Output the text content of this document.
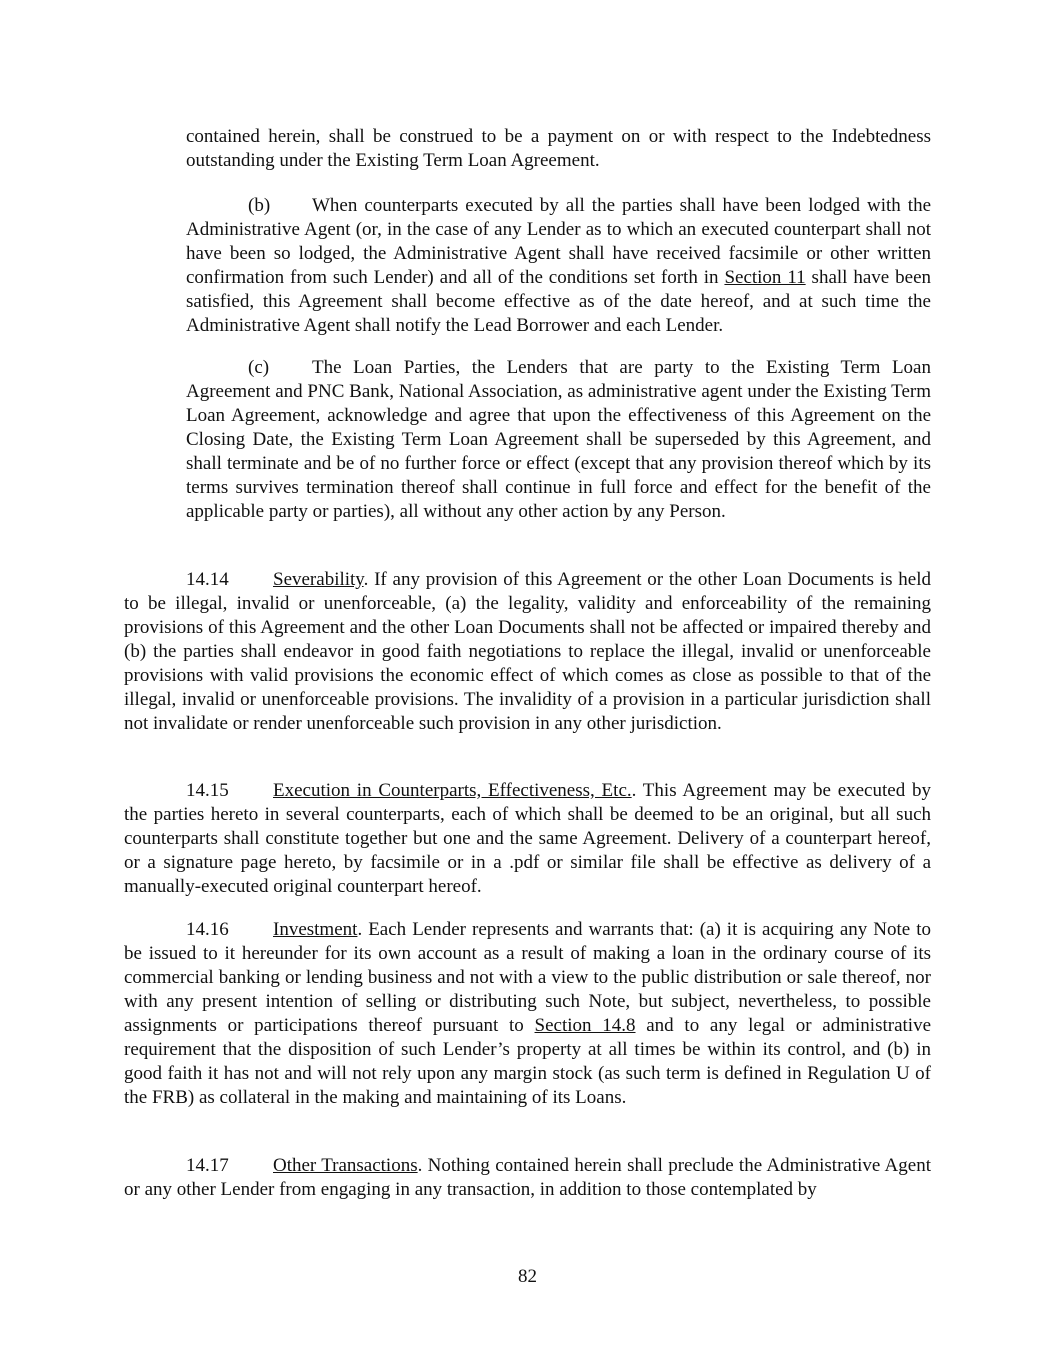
contained herein, shall be construed to be a payment on or with respect to the Indebtedness outstanding under the Existing Term Loan Agreement.

(b) When counterparts executed by all the parties shall have been lodged with the Administrative Agent (or, in the case of any Lender as to which an executed counterpart shall not have been so lodged, the Administrative Agent shall have received facsimile or other written confirmation from such Lender) and all of the conditions set forth in Section 11 shall have been satisfied, this Agreement shall become effective as of the date hereof, and at such time the Administrative Agent shall notify the Lead Borrower and each Lender.

(c) The Loan Parties, the Lenders that are party to the Existing Term Loan Agreement and PNC Bank, National Association, as administrative agent under the Existing Term Loan Agreement, acknowledge and agree that upon the effectiveness of this Agreement on the Closing Date, the Existing Term Loan Agreement shall be superseded by this Agreement, and shall terminate and be of no further force or effect (except that any provision thereof which by its terms survives termination thereof shall continue in full force and effect for the benefit of the applicable party or parties), all without any other action by any Person.

14.14 Severability. If any provision of this Agreement or the other Loan Documents is held to be illegal, invalid or unenforceable, (a) the legality, validity and enforceability of the remaining provisions of this Agreement and the other Loan Documents shall not be affected or impaired thereby and (b) the parties shall endeavor in good faith negotiations to replace the illegal, invalid or unenforceable provisions with valid provisions the economic effect of which comes as close as possible to that of the illegal, invalid or unenforceable provisions. The invalidity of a provision in a particular jurisdiction shall not invalidate or render unenforceable such provision in any other jurisdiction.

14.15 Execution in Counterparts, Effectiveness, Etc.. This Agreement may be executed by the parties hereto in several counterparts, each of which shall be deemed to be an original, but all such counterparts shall constitute together but one and the same Agreement. Delivery of a counterpart hereof, or a signature page hereto, by facsimile or in a .pdf or similar file shall be effective as delivery of a manually-executed original counterpart hereof.

14.16 Investment. Each Lender represents and warrants that: (a) it is acquiring any Note to be issued to it hereunder for its own account as a result of making a loan in the ordinary course of its commercial banking or lending business and not with a view to the public distribution or sale thereof, nor with any present intention of selling or distributing such Note, but subject, nevertheless, to possible assignments or participations thereof pursuant to Section 14.8 and to any legal or administrative requirement that the disposition of such Lender’s property at all times be within its control, and (b) in good faith it has not and will not rely upon any margin stock (as such term is defined in Regulation U of the FRB) as collateral in the making and maintaining of its Loans.

14.17 Other Transactions. Nothing contained herein shall preclude the Administrative Agent or any other Lender from engaging in any transaction, in addition to those contemplated by

82
